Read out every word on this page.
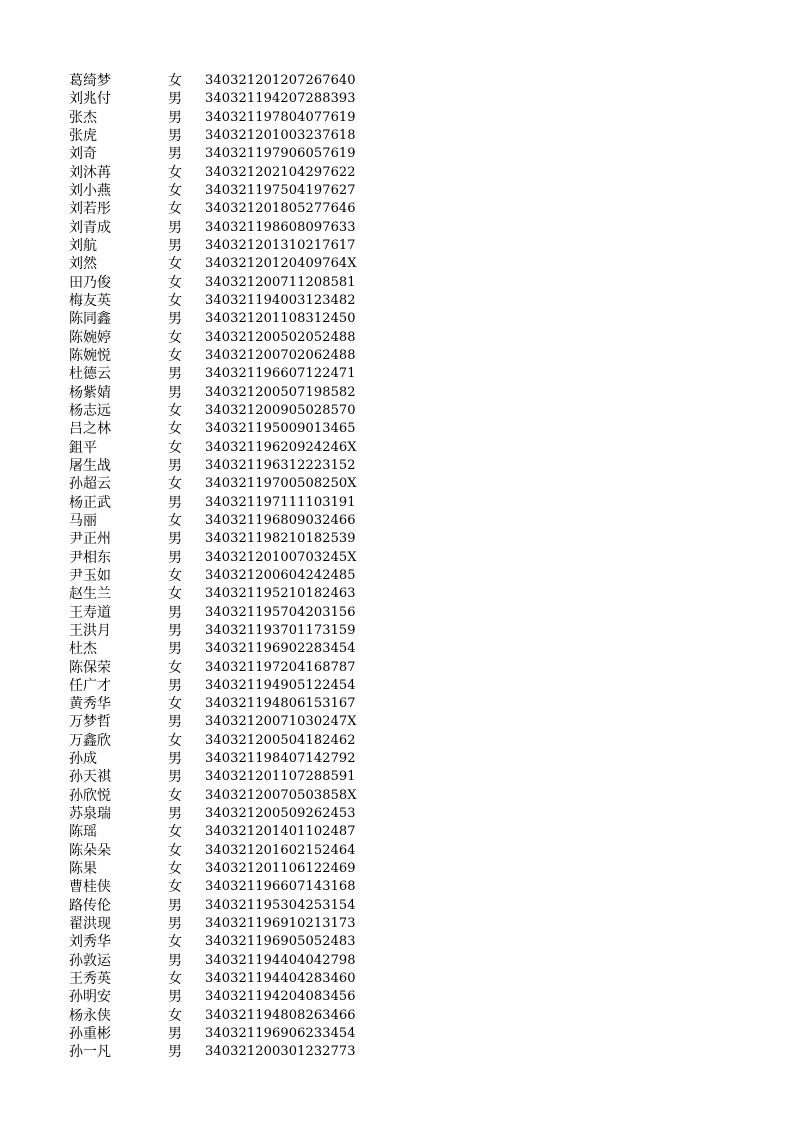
葛绮梦	女 340321201207267640
刘兆付	男 340321194207288393
张杰	男 340321197804077619
张虎	男 340321201003237618
刘奇	男 340321197906057619
刘沐苒	女 340321202104297622
刘小燕	女 340321197504197627
刘若彤	女 340321201805277646
刘青成	男 340321198608097633
刘航	男 340321201310217617
刘然	女 34032120120409764X
田乃俊	女 340321200711208581
梅友英	女 340321194003123482
陈同鑫	男 340321201108312450
陈婉婷	女 340321200502052488
陈婉悦	女 340321200702062488
杜德云	男 340321196607122471
杨紫婧	男 340321200507198582
杨志远	女 340321200905028570
吕之林	女 340321195009013465
鉏平	女 34032119620924246X
屠生战	男 340321196312223152
孙超云	女 34032119700508250X
杨正武	男 340321197111103191
马丽	女 340321196809032466
尹正州	男 340321198210182539
尹相东	男 34032120100703245X
尹玉如	女 340321200604242485
赵生兰	女 340321195210182463
王寿道	男 340321195704203156
王洪月	男 340321193701173159
杜杰	男 340321196902283454
陈保荣	女 340321197204168787
任广才	男 340321194905122454
黄秀华	女 340321194806153167
万梦哲	男 34032120071030247X
万鑫欣	女 340321200504182462
孙成	男 340321198407142792
孙天祺	男 340321201107288591
孙欣悦	女 34032120070503858X
苏泉瑞	男 340321200509262453
陈瑶	女 340321201401102487
陈朵朵	女 340321201602152464
陈果	女 340321201106122469
曹桂侠	女 340321196607143168
路传伦	男 340321195304253154
翟洪现	男 340321196910213173
刘秀华	女 340321196905052483
孙敦运	男 340321194404042798
王秀英	女 340321194404283460
孙明安	男 340321194204083456
杨永侠	女 340321194808263466
孙重彬	男 340321196906233454
孙一凡	男 340321200301232773
